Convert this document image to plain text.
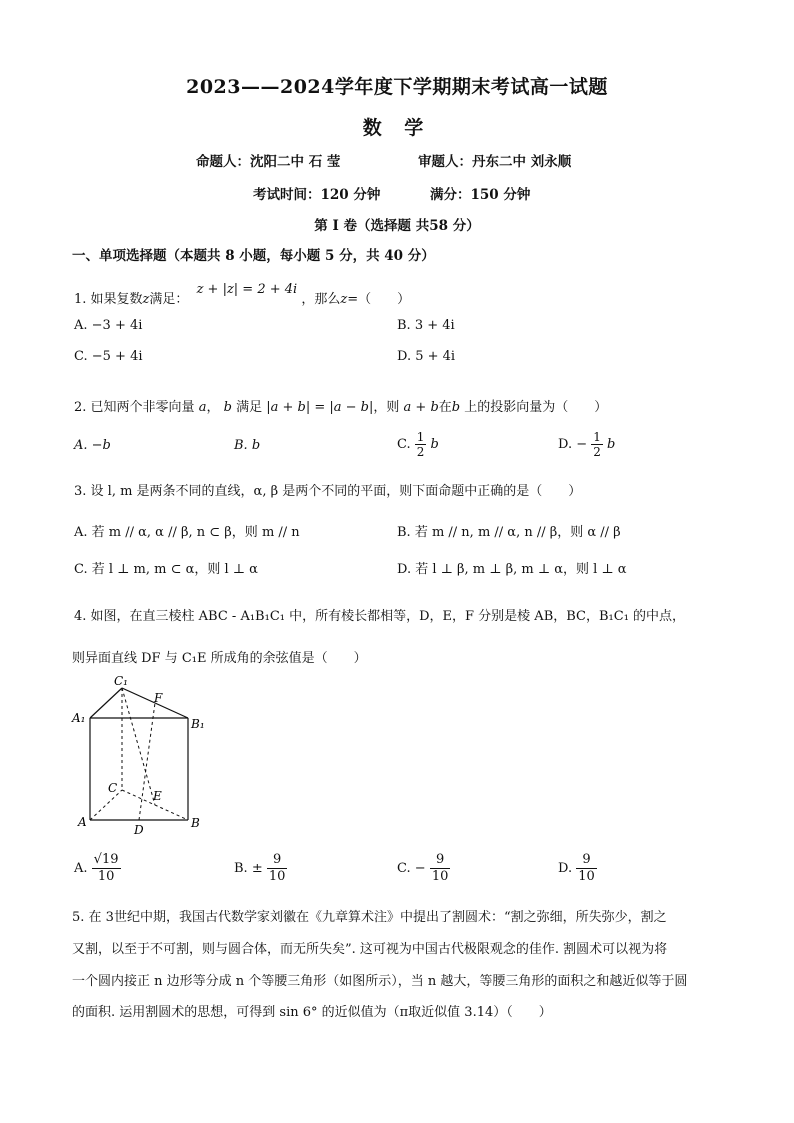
2023——2024学年度下学期期末考试高一试题
数 学
命题人：沈阳二中 石 莹	审题人：丹东二中 刘永顺
考试时间：120 分钟	满分：150 分钟
第 I 卷（选择题 共58 分）
一、单项选择题（本题共 8 小题，每小题 5 分，共 40 分）
1. 如果复数z满足： z + |z| = 2 + 4i ，那么z=（　　）
A. −3 + 4i	B. 3 + 4i
C. −5 + 4i	D. 5 + 4i
2. 已知两个非零向量 a， b 满足 |a + b| = |a − b|，则 a + b在b 上的投影向量为（　　）
A. −b	B. b	C. $\frac{1}{2}$ b	D. − $\frac{1}{2}$ b
3. 设 l, m 是两条不同的直线，α, β 是两个不同的平面，则下面命题中正确的是（　　）
A. 若 m // α, α // β, n ⊂ β，则 m // n	B. 若 m // n, m // α, n // β，则 α // β
C. 若 l ⊥ m, m ⊂ α，则 l ⊥ α	D. 若 l ⊥ β, m ⊥ β, m ⊥ α，则 l ⊥ α
4. 如图，在直三棱柱 ABC - A₁B₁C₁ 中，所有棱长都相等，D，E，F 分别是棱 AB，BC，B₁C₁ 的中点，
则异面直线 DF 与 C₁E 所成角的余弦值是（　　）
C₁
F
A₁	B₁
C
E
A
D	B
A. $\frac{√19}{10}$	B. ± $\frac{9}{10}$	C. − $\frac{9}{10}$	D. $\frac{9}{10}$
5. 在 3世纪中期，我国古代数学家刘徽在《九章算术注》中提出了割圆术：“割之弥细，所失弥少，割之
又割，以至于不可割，则与圆合体，而无所失矣”. 这可视为中国古代极限观念的佳作. 割圆术可以视为将
一个圆内接正 n 边形等分成 n 个等腰三角形（如图所示），当 n 越大，等腰三角形的面积之和越近似等于圆
的面积. 运用割圆术的思想，可得到 sin 6° 的近似值为（π取近似值 3.14）（　　）
